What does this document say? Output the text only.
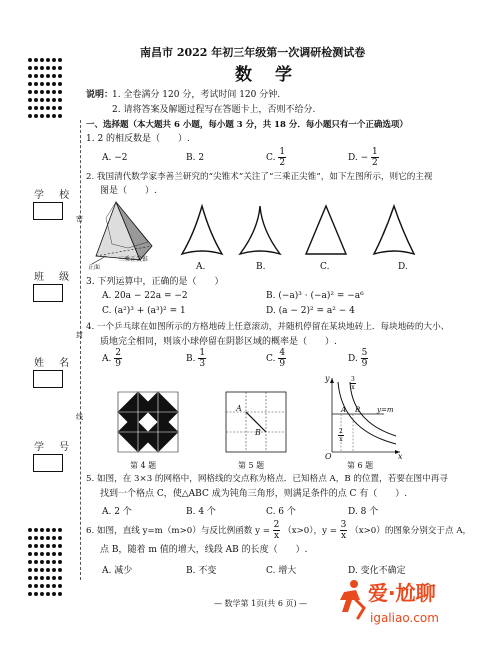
学 校
班 级
姓 名
学 号
密
封
线
南昌市 2022 年初三年级第一次调研检测试卷
数　学
说明：
1. 全卷满分 120 分，考试时间 120 分钟.
2. 请将答案及解题过程写在答题卡上，否则不给分.
一、选择题（本大题共 6 小题，每小题 3 分，共 18 分．每小题只有一个正确选项）
1. 2 的相反数是（　　）.
A. −2	B. 2	C. $\frac{1}{2}$	D. − $\frac{1}{2}$
2. 我国清代数学家李善兰研究的“尖锥术”关注了“三乘正尖锥”，如下左图所示，则它的主视
图是（　　）.
正面
三乘正尖锥
A.	B.	C.	D.
3. 下列运算中，正确的是（　　）
A. 20a − 22a = −2	B. (−a)³ · (−a)² = −a⁶
C. (a²)³ + (a³)² = 1	D. (a − 2)² = a² − 4
4. 一个乒乓球在如图所示的方格地砖上任意滚动，并随机停留在某块地砖上．每块地砖的大小、
质地完全相同，则该小球停留在阴影区域的概率是（　　）.
A. $\frac{2}{9}$	B. $\frac{1}{3}$	C. $\frac{4}{9}$	D. $\frac{5}{9}$
第 4 题
A
B
第 5 题
y
x
O
y=m
A B
$\frac{3}{x}$
$\frac{2}{x}$
第 6 题
5. 如图，在 3×3 的网格中，网格线的交点称为格点．已知格点 A，B 的位置，若要在图中再寻
找到一个格点 C，使△ABC 成为钝角三角形，则满足条件的点 C 有（　　）.
A. 2 个	B. 4 个	C. 6 个	D. 8 个
6. 如图，直线 y=m（m>0）与反比例函数 $y = \frac{2}{x} (x>0)$，$y = \frac{3}{x} (x>0)$的图象分别交于点 A，
点 B，随着 m 值的增大，线段 AB 的长度（　　）.
A. 减少	B. 不变	C. 增大	D. 变化不确定
— 数学第 1页(共 6 页) —	爱·尬聊
igaliao.com
